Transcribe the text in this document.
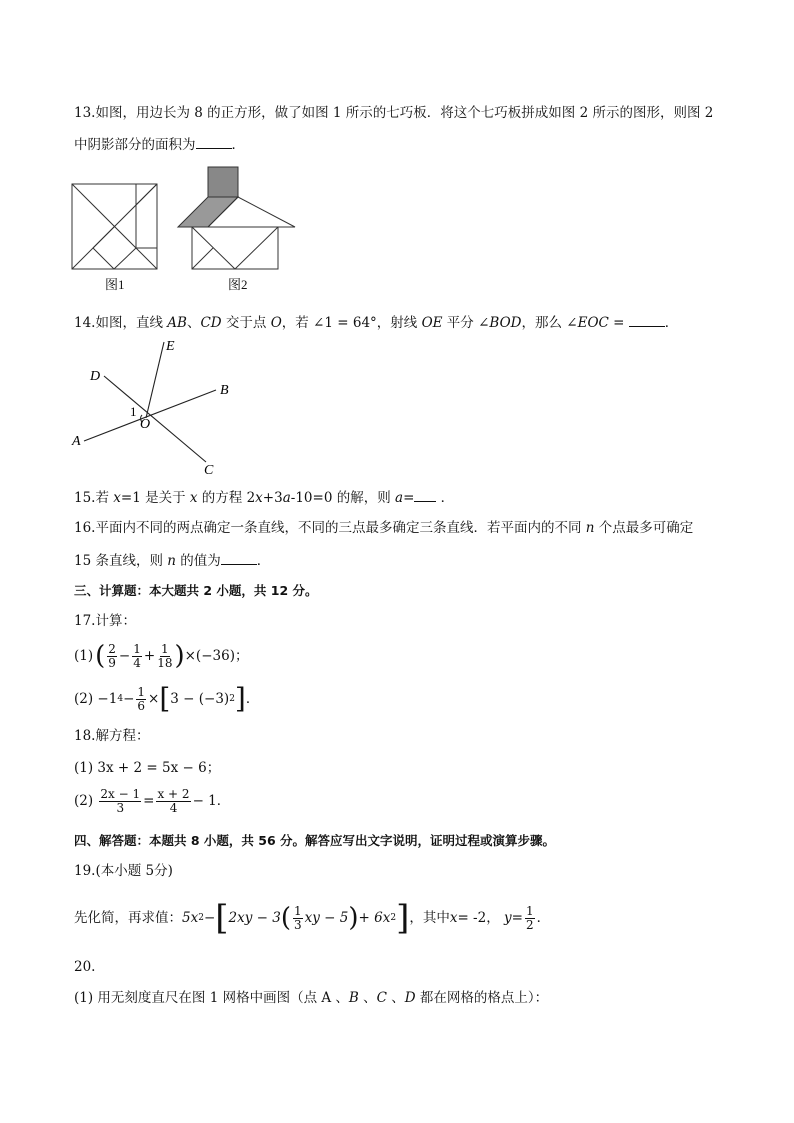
13.如图，用边长为 8 的正方形，做了如图 1 所示的七巧板．将这个七巧板拼成如图 2 所示的图形，则图 2
中阴影部分的面积为	．
图1	图2
14.如图，直线 AB、CD 交于点 O，若 ∠1 = 64°，射线 OE 平分 ∠BOD，那么 ∠EOC =	．
D
E
B
1
O
A
C
15.若 x=1 是关于 x 的方程 2x+3a-10=0 的解，则 a= ．
16.平面内不同的两点确定一条直线，不同的三点最多确定三条直线．若平面内的不同 n 个点最多可确定
15 条直线，则 n 的值为	．
三、计算题：本大题共 2 小题，共 12 分。
17.计算：
(1) ( $\frac{2}{9} - \frac{1}{4} + \frac{1}{18}$ ) ×(−36)；
(2)
−1 $4 - \frac{1}{6}$ × [ 3 − (−3) 2 ] ．
18.解方程：
(1) 3x + 2 = 5x − 6；
(2)
$\frac{2x - 1}{3} = \frac{x + 2}{4} - 1$．
四、解答题：本题共 8 小题，共 56 分。解答应写出文字说明，证明过程或演算步骤。
19.(本小题 5分)
先化简，再求值： 5x 2 − [ 2xy − 3 ( $\frac{1}{3}$ xy − 5 ) + 6x 2 ] ，其中 x = -2，
$y = \frac{1}{2}$ ．
20.
(1) 用无刻度直尺在图 1 网格中画图（点 A 、B 、C 、D 都在网格的格点上）：
